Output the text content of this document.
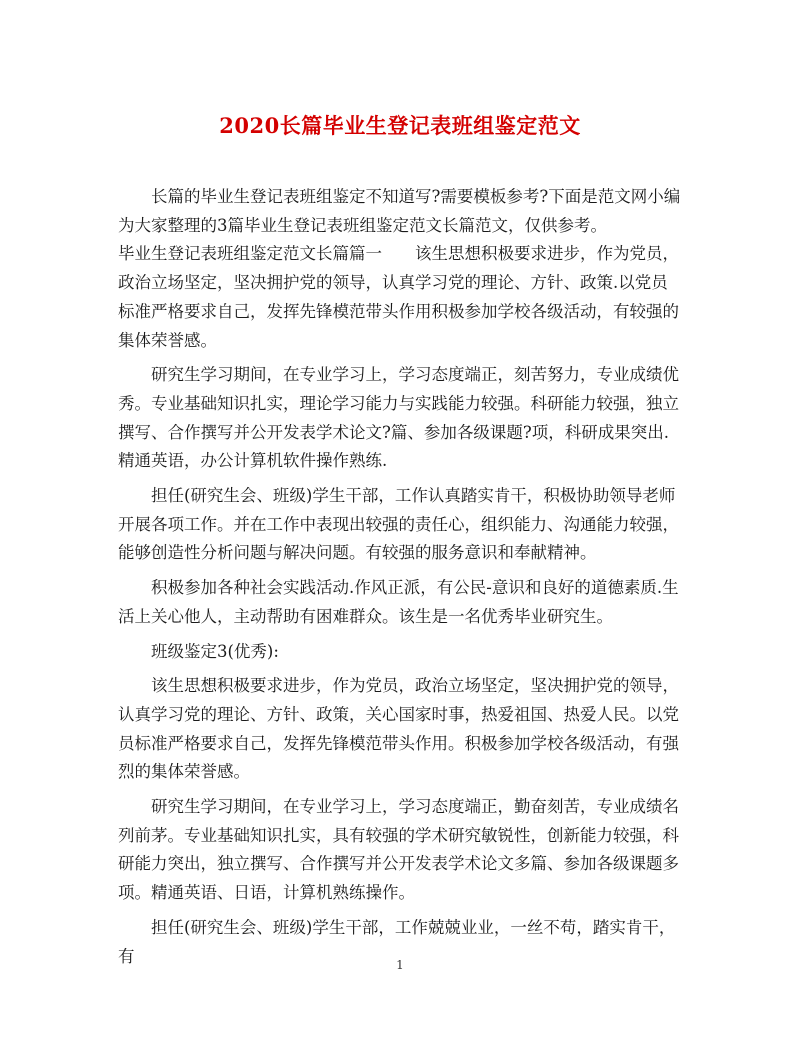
2020长篇毕业生登记表班组鉴定范文

长篇的毕业生登记表班组鉴定不知道写?需要模板参考?下面是范文网小编为大家整理的3篇毕业生登记表班组鉴定范文长篇范文，仅供参考。

毕业生登记表班组鉴定范文长篇篇一　　该生思想积极要求进步，作为党员，政治立场坚定，坚决拥护党的领导，认真学习党的理论、方针、政策.以党员标准严格要求自己，发挥先锋模范带头作用积极参加学校各级活动，有较强的集体荣誉感。

研究生学习期间，在专业学习上，学习态度端正，刻苦努力，专业成绩优秀。专业基础知识扎实，理论学习能力与实践能力较强。科研能力较强，独立撰写、合作撰写并公开发表学术论文?篇、参加各级课题?项，科研成果突出.精通英语，办公计算机软件操作熟练.

担任(研究生会、班级)学生干部，工作认真踏实肯干，积极协助领导老师开展各项工作。并在工作中表现出较强的责任心，组织能力、沟通能力较强，能够创造性分析问题与解决问题。有较强的服务意识和奉献精神。

积极参加各种社会实践活动.作风正派，有公民-意识和良好的道德素质.生活上关心他人，主动帮助有困难群众。该生是一名优秀毕业研究生。

班级鉴定3(优秀):

该生思想积极要求进步，作为党员，政治立场坚定，坚决拥护党的领导，认真学习党的理论、方针、政策，关心国家时事，热爱祖国、热爱人民。以党员标准严格要求自己，发挥先锋模范带头作用。积极参加学校各级活动，有强烈的集体荣誉感。

研究生学习期间，在专业学习上，学习态度端正，勤奋刻苦，专业成绩名列前茅。专业基础知识扎实，具有较强的学术研究敏锐性，创新能力较强，科研能力突出，独立撰写、合作撰写并公开发表学术论文多篇、参加各级课题多项。精通英语、日语，计算机熟练操作。

担任(研究生会、班级)学生干部，工作兢兢业业，一丝不苟，踏实肯干，有	1
